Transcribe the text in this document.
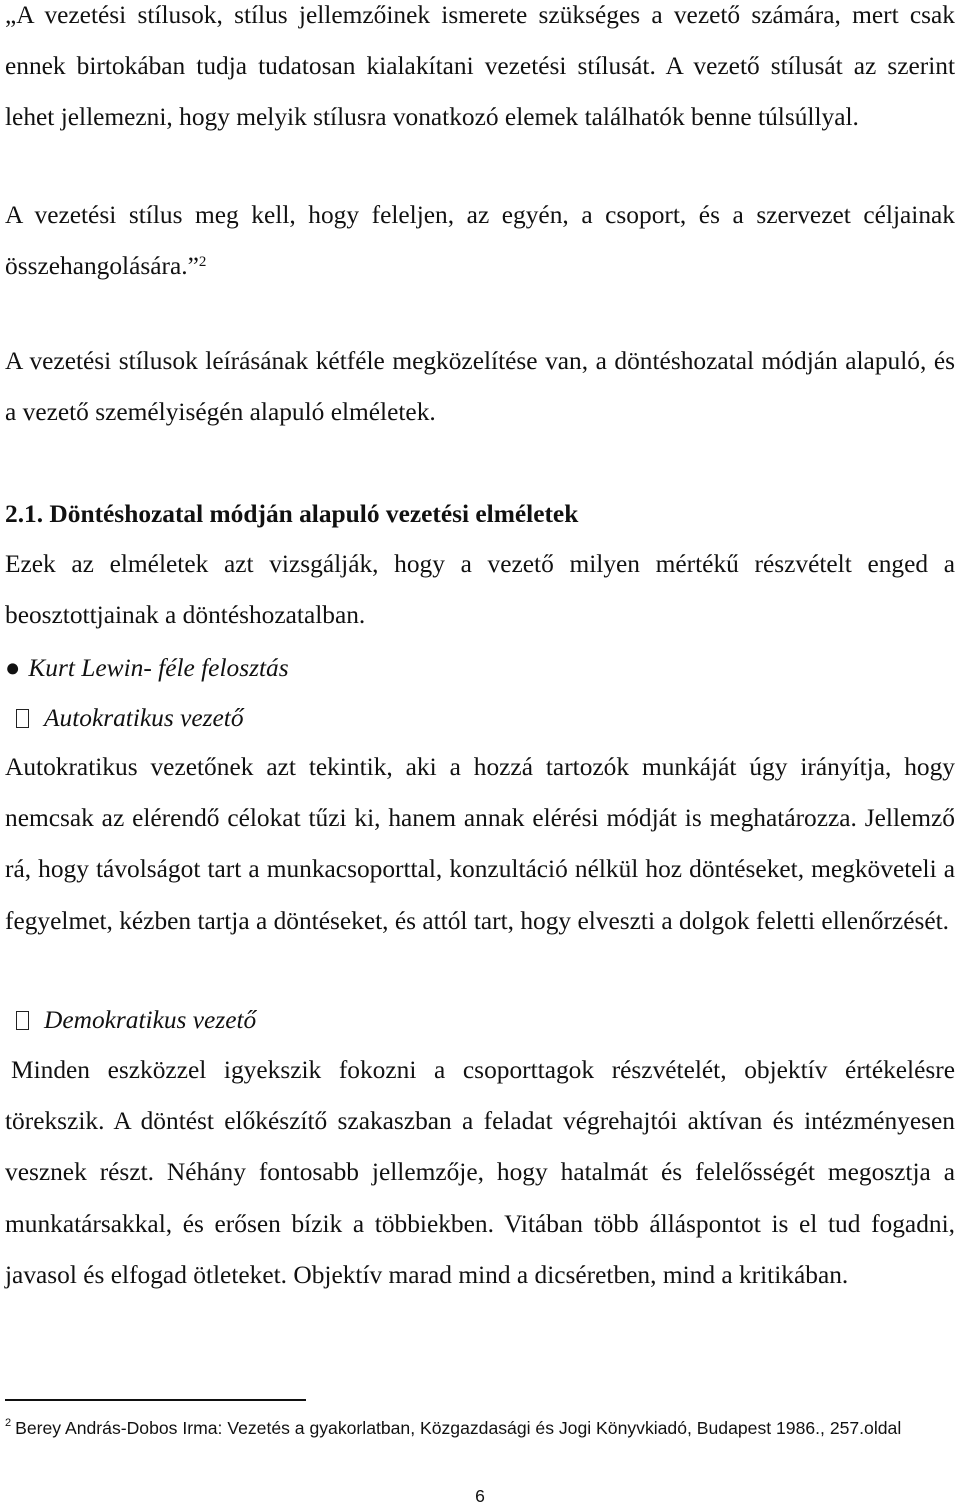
„A vezetési stílusok, stílus jellemzőinek ismerete szükséges a vezető számára, mert csak ennek birtokában tudja tudatosan kialakítani vezetési stílusát. A vezető stílusát az szerint lehet jellemezni, hogy melyik stílusra vonatkozó elemek találhatók benne túlsúllyal.

A vezetési stílus meg kell, hogy feleljen, az egyén, a csoport, és a szervezet céljainak összehangolására.”$^2$

A vezetési stílusok leírásának kétféle megközelítése van, a döntéshozatal módján alapuló, és a vezető személyiségén alapuló elméletek.

2.1. Döntéshozatal módján alapuló vezetési elméletek

Ezek az elméletek azt vizsgálják, hogy a vezető milyen mértékű részvételt enged a beosztottjainak a döntéshozatalban.

● Kurt Lewin- féle felosztás
Autokratikus vezető

Autokratikus vezetőnek azt tekintik, aki a hozzá tartozók munkáját úgy irányítja, hogy nemcsak az elérendő célokat tűzi ki, hanem annak elérési módját is meghatározza. Jellemző rá, hogy távolságot tart a munkacsoporttal, konzultáció nélkül hoz döntéseket, megköveteli a fegyelmet, kézben tartja a döntéseket, és attól tart, hogy elveszti a dolgok feletti ellenőrzését.

Demokratikus vezető

Minden eszközzel igyekszik fokozni a csoporttagok részvételét, objektív értékelésre törekszik. A döntést előkészítő szakaszban a feladat végrehajtói aktívan és intézményesen vesznek részt. Néhány fontosabb jellemzője, hogy hatalmát és felelősségét megosztja a munkatársakkal, és erősen bízik a többiekben. Vitában több álláspontot is el tud fogadni, javasol és elfogad ötleteket. Objektív marad mind a dicséretben, mind a kritikában.

$^2$ Berey András-Dobos Irma: Vezetés a gyakorlatban, Közgazdasági és Jogi Könyvkiadó, Budapest 1986., 257.oldal
6
